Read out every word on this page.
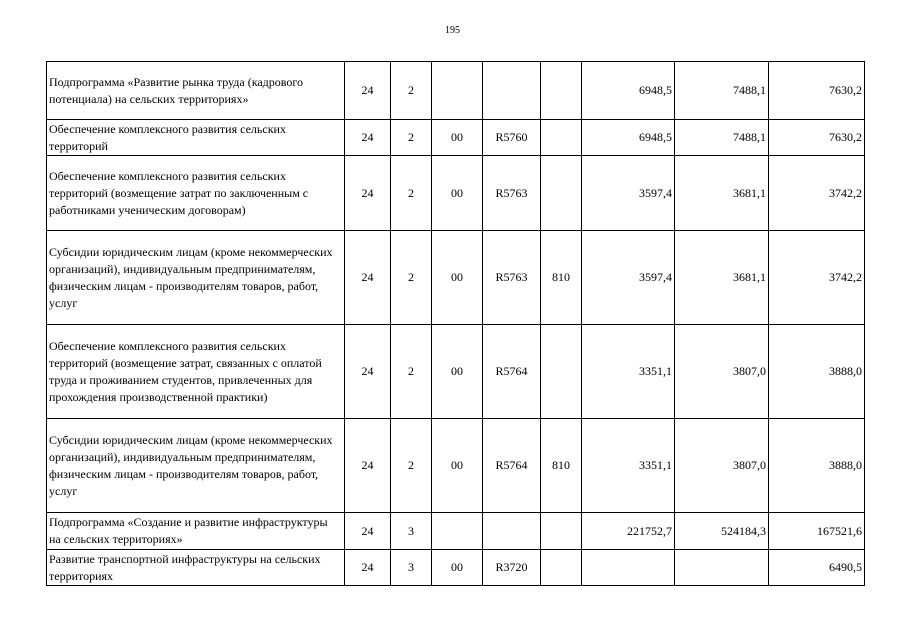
195
Подпрограмма «Развитие рынка труда (кадрового потенциала) на сельских территориях»	24	2				6948,5	7488,1	7630,2
Обеспечение комплексного развития сельских территорий	24	2	00	R5760		6948,5	7488,1	7630,2
Обеспечение комплексного развития сельских территорий (возмещение затрат по заключенным с работниками ученическим договорам)	24	2	00	R5763		3597,4	3681,1	3742,2
Субсидии юридическим лицам (кроме некоммерческих организаций), индивидуальным предпринимателям, физическим лицам - производителям товаров, работ, услуг	24	2	00	R5763	810	3597,4	3681,1	3742,2
Обеспечение комплексного развития сельских территорий (возмещение затрат, связанных с оплатой труда и проживанием студентов, привлеченных для прохождения производственной практики)	24	2	00	R5764		3351,1	3807,0	3888,0
Субсидии юридическим лицам (кроме некоммерческих организаций), индивидуальным предпринимателям, физическим лицам - производителям товаров, работ, услуг	24	2	00	R5764	810	3351,1	3807,0	3888,0
Подпрограмма «Создание и развитие инфраструктуры на сельских территориях»	24	3				221752,7	524184,3	167521,6
Развитие транспортной инфраструктуры на сельских территориях	24	3	00	R3720				6490,5
